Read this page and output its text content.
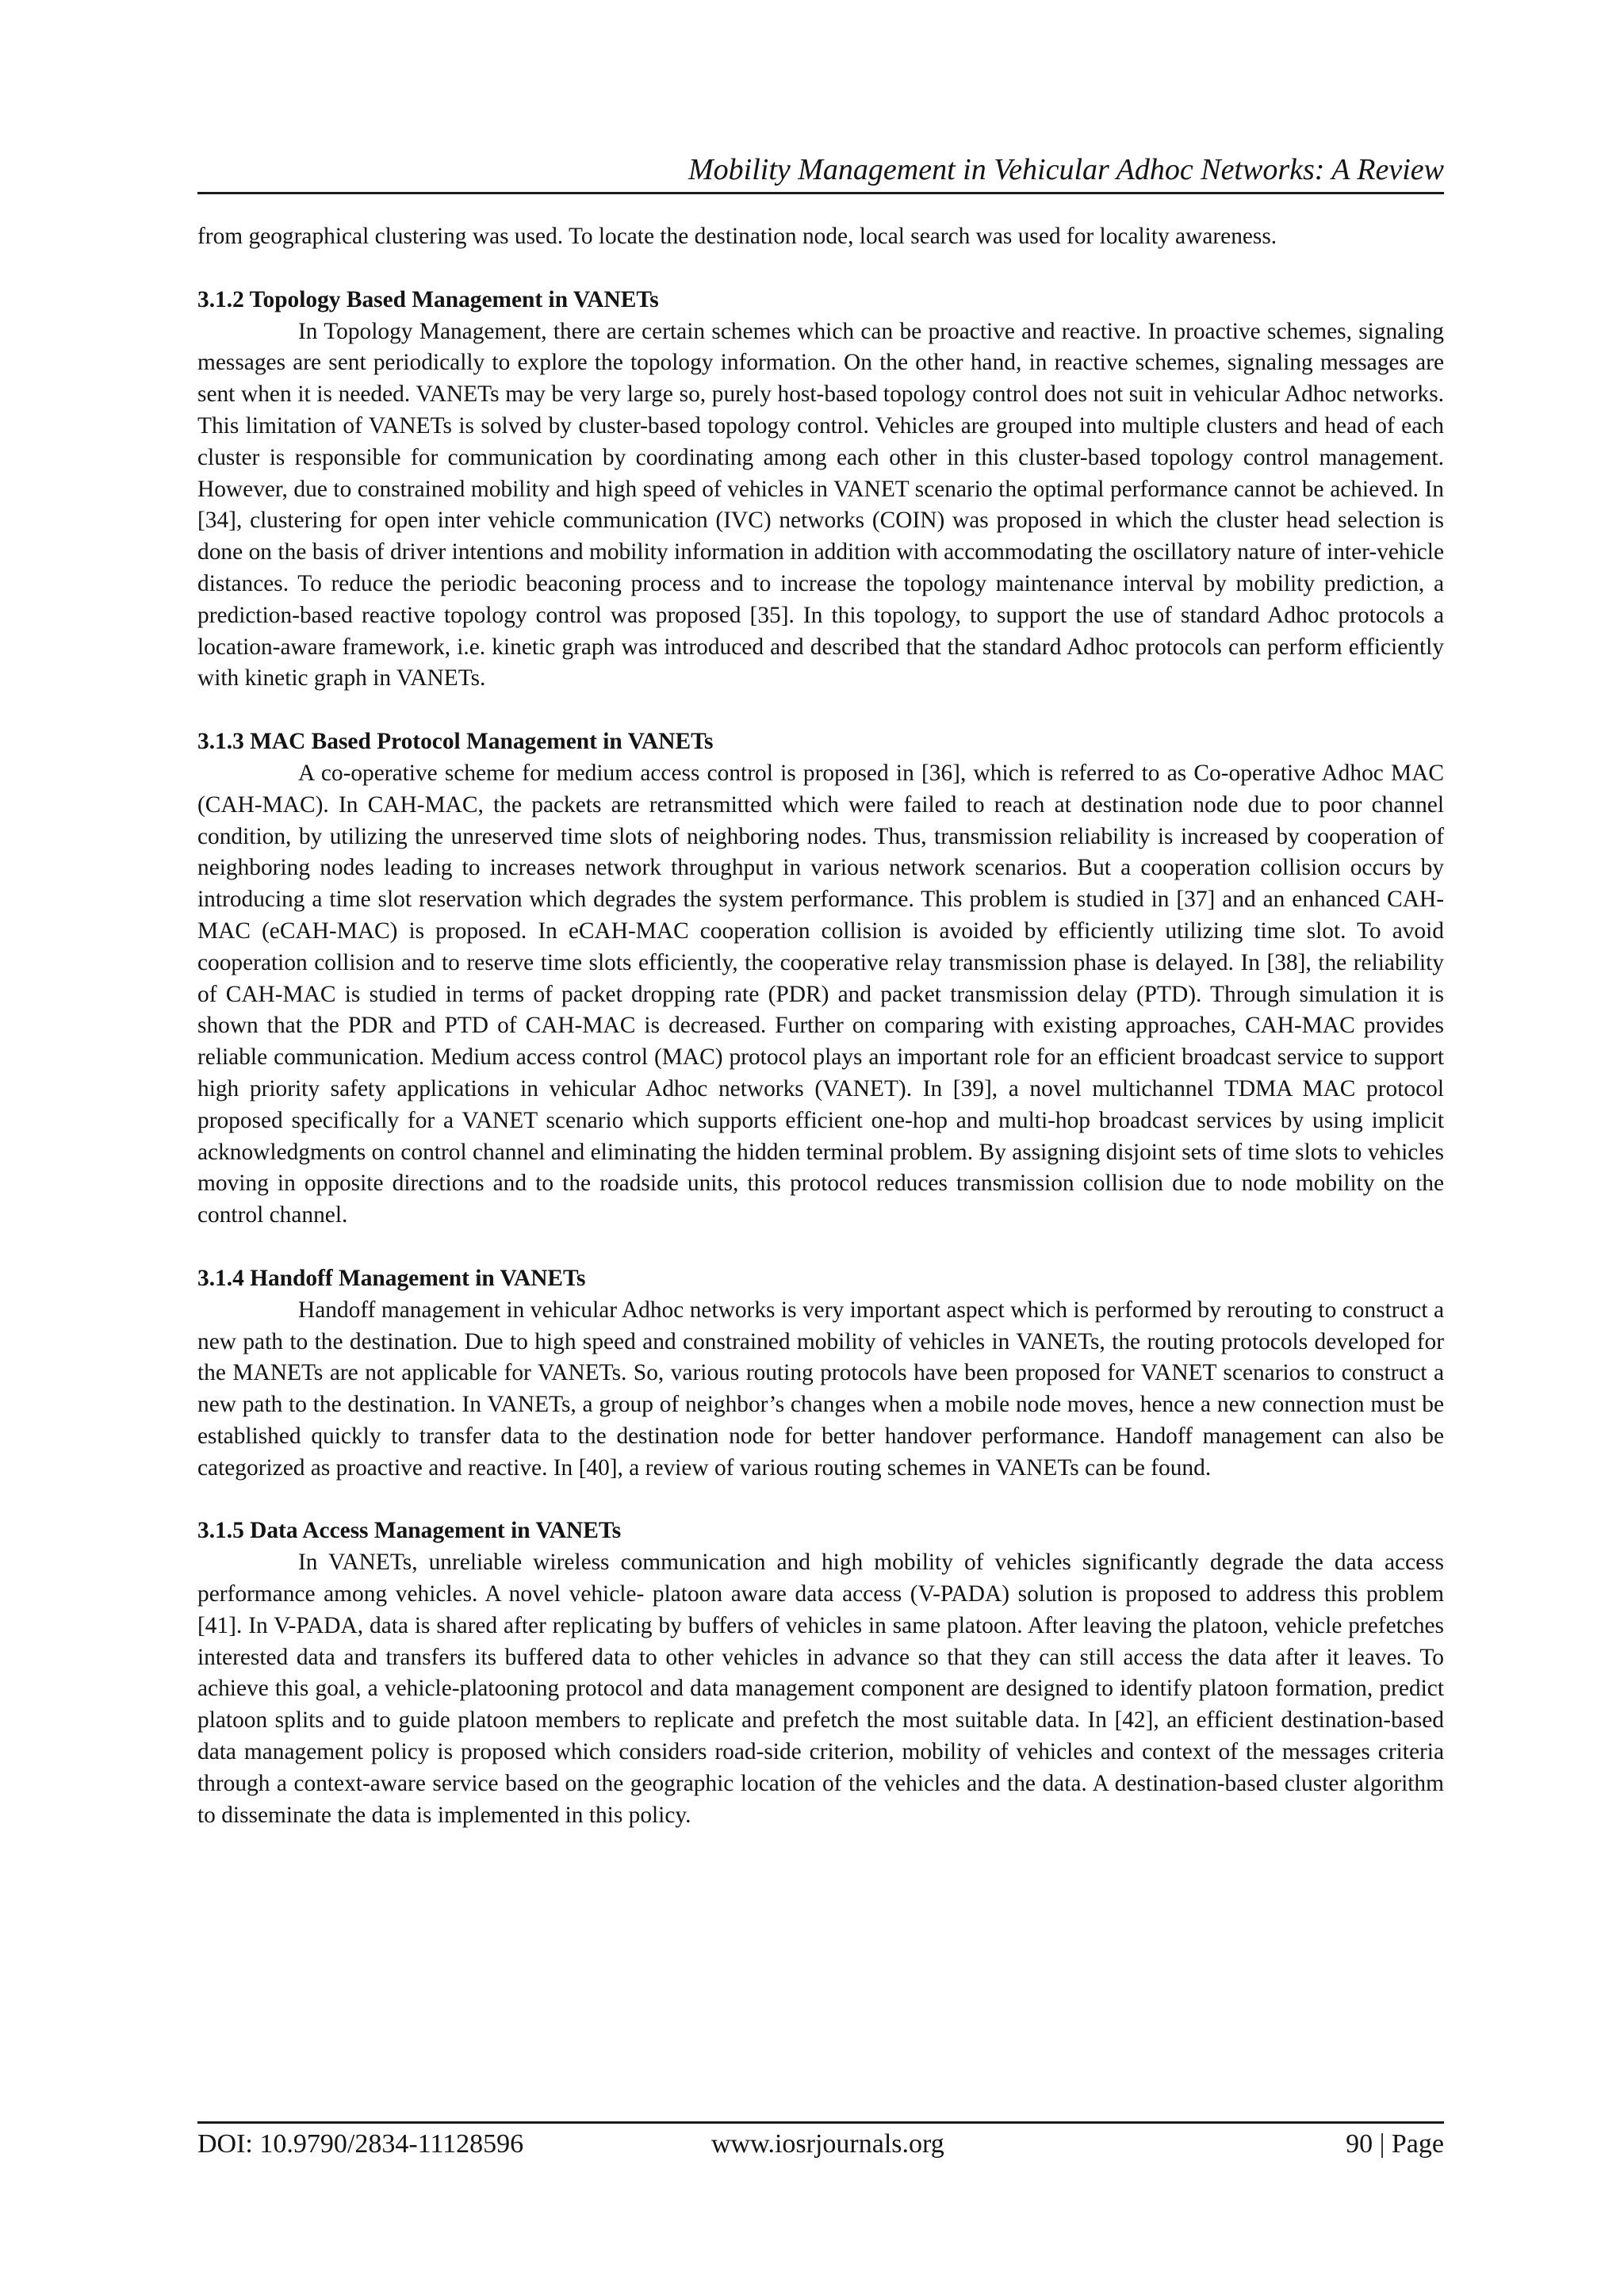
Mobility Management in Vehicular Adhoc Networks: A Review

from geographical clustering was used. To locate the destination node, local search was used for locality awareness.

3.1.2 Topology Based Management in VANETs

In Topology Management, there are certain schemes which can be proactive and reactive. In proactive schemes, signaling messages are sent periodically to explore the topology information. On the other hand, in reactive schemes, signaling messages are sent when it is needed. VANETs may be very large so, purely host-based topology control does not suit in vehicular Adhoc networks. This limitation of VANETs is solved by cluster-based topology control. Vehicles are grouped into multiple clusters and head of each cluster is responsible for communication by coordinating among each other in this cluster-based topology control management. However, due to constrained mobility and high speed of vehicles in VANET scenario the optimal performance cannot be achieved. In [34], clustering for open inter vehicle communication (IVC) networks (COIN) was proposed in which the cluster head selection is done on the basis of driver intentions and mobility information in addition with accommodating the oscillatory nature of inter-vehicle distances. To reduce the periodic beaconing process and to increase the topology maintenance interval by mobility prediction, a prediction-based reactive topology control was proposed [35]. In this topology, to support the use of standard Adhoc protocols a location-aware framework, i.e. kinetic graph was introduced and described that the standard Adhoc protocols can perform efficiently with kinetic graph in VANETs.

3.1.3 MAC Based Protocol Management in VANETs

A co-operative scheme for medium access control is proposed in [36], which is referred to as Co-operative Adhoc MAC (CAH-MAC). In CAH-MAC, the packets are retransmitted which were failed to reach at destination node due to poor channel condition, by utilizing the unreserved time slots of neighboring nodes. Thus, transmission reliability is increased by cooperation of neighboring nodes leading to increases network throughput in various network scenarios. But a cooperation collision occurs by introducing a time slot reservation which degrades the system performance. This problem is studied in [37] and an enhanced CAH-MAC (eCAH-MAC) is proposed. In eCAH-MAC cooperation collision is avoided by efficiently utilizing time slot. To avoid cooperation collision and to reserve time slots efficiently, the cooperative relay transmission phase is delayed. In [38], the reliability of CAH-MAC is studied in terms of packet dropping rate (PDR) and packet transmission delay (PTD). Through simulation it is shown that the PDR and PTD of CAH-MAC is decreased. Further on comparing with existing approaches, CAH-MAC provides reliable communication. Medium access control (MAC) protocol plays an important role for an efficient broadcast service to support high priority safety applications in vehicular Adhoc networks (VANET). In [39], a novel multichannel TDMA MAC protocol proposed specifically for a VANET scenario which supports efficient one-hop and multi-hop broadcast services by using implicit acknowledgments on control channel and eliminating the hidden terminal problem. By assigning disjoint sets of time slots to vehicles moving in opposite directions and to the roadside units, this protocol reduces transmission collision due to node mobility on the control channel.

3.1.4 Handoff Management in VANETs

Handoff management in vehicular Adhoc networks is very important aspect which is performed by rerouting to construct a new path to the destination. Due to high speed and constrained mobility of vehicles in VANETs, the routing protocols developed for the MANETs are not applicable for VANETs. So, various routing protocols have been proposed for VANET scenarios to construct a new path to the destination. In VANETs, a group of neighbor’s changes when a mobile node moves, hence a new connection must be established quickly to transfer data to the destination node for better handover performance. Handoff management can also be categorized as proactive and reactive. In [40], a review of various routing schemes in VANETs can be found.

3.1.5 Data Access Management in VANETs

In VANETs, unreliable wireless communication and high mobility of vehicles significantly degrade the data access performance among vehicles. A novel vehicle- platoon aware data access (V-PADA) solution is proposed to address this problem [41]. In V-PADA, data is shared after replicating by buffers of vehicles in same platoon. After leaving the platoon, vehicle prefetches interested data and transfers its buffered data to other vehicles in advance so that they can still access the data after it leaves. To achieve this goal, a vehicle-platooning protocol and data management component are designed to identify platoon formation, predict platoon splits and to guide platoon members to replicate and prefetch the most suitable data. In [42], an efficient destination-based data management policy is proposed which considers road-side criterion, mobility of vehicles and context of the messages criteria through a context-aware service based on the geographic location of the vehicles and the data. A destination-based cluster algorithm to disseminate the data is implemented in this policy.

DOI: 10.9790/2834-11128596	www.iosrjournals.org	90 | Page
